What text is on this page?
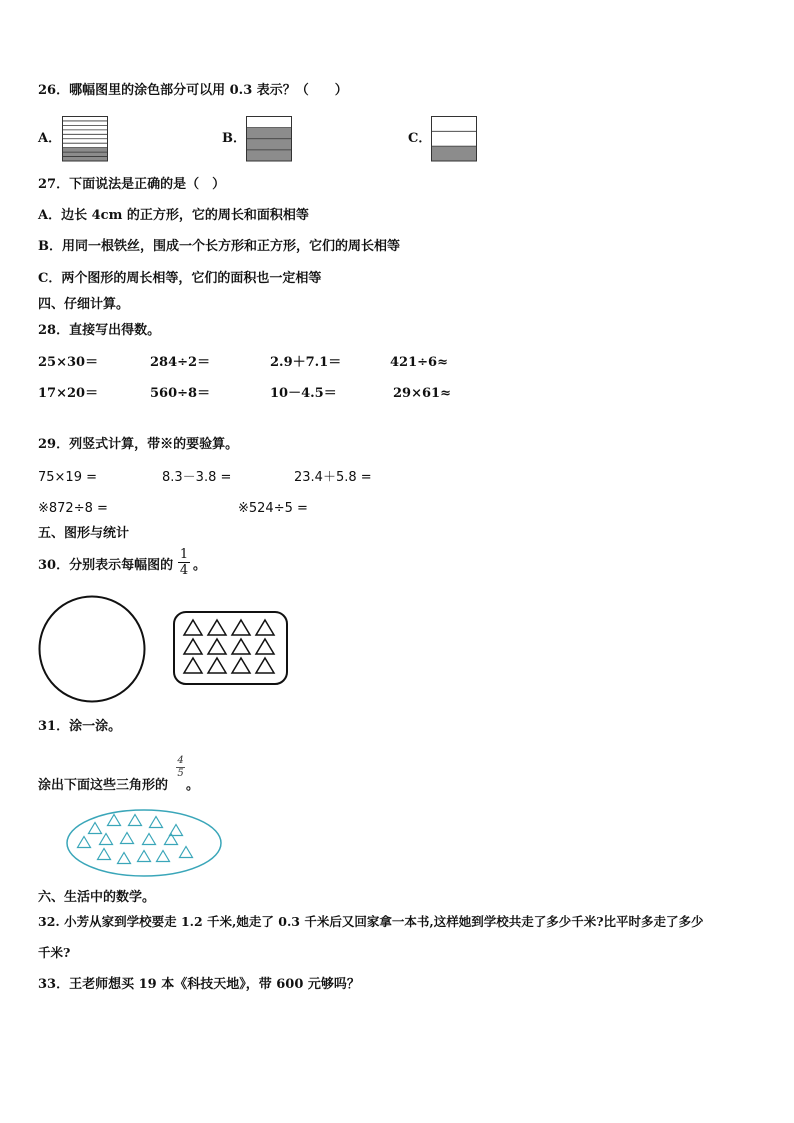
26．哪幅图里的涂色部分可以用 0.3 表示？（　　）
A．	B．	C．
27．下面说法是正确的是（　）
A．边长 4cm 的正方形，它的周长和面积相等
B．用同一根铁丝，围成一个长方形和正方形，它们的周长相等
C．两个图形的周长相等，它们的面积也一定相等
四、仔细计算。
28．直接写出得数。
25×30＝	284÷2＝	2.9＋7.1＝	421÷6≈
17×20＝	560÷8＝	10－4.5＝	29×61≈
29．列竖式计算，带※的要验算。
75×19 =	8.3－3.8 =	23.4＋5.8 =
※872÷8 =	※524÷5 =
五、图形与统计
30．分别表示每幅图的
1
4 。
31．涂一涂。
涂出下面这些三角形的
4
5
。
六、生活中的数学。
32. 小芳从家到学校要走 1.2 千米,她走了 0.3 千米后又回家拿一本书,这样她到学校共走了多少千米?比平时多走了多少
千米?
33．王老师想买 19 本《科技天地》，带 600 元够吗？
